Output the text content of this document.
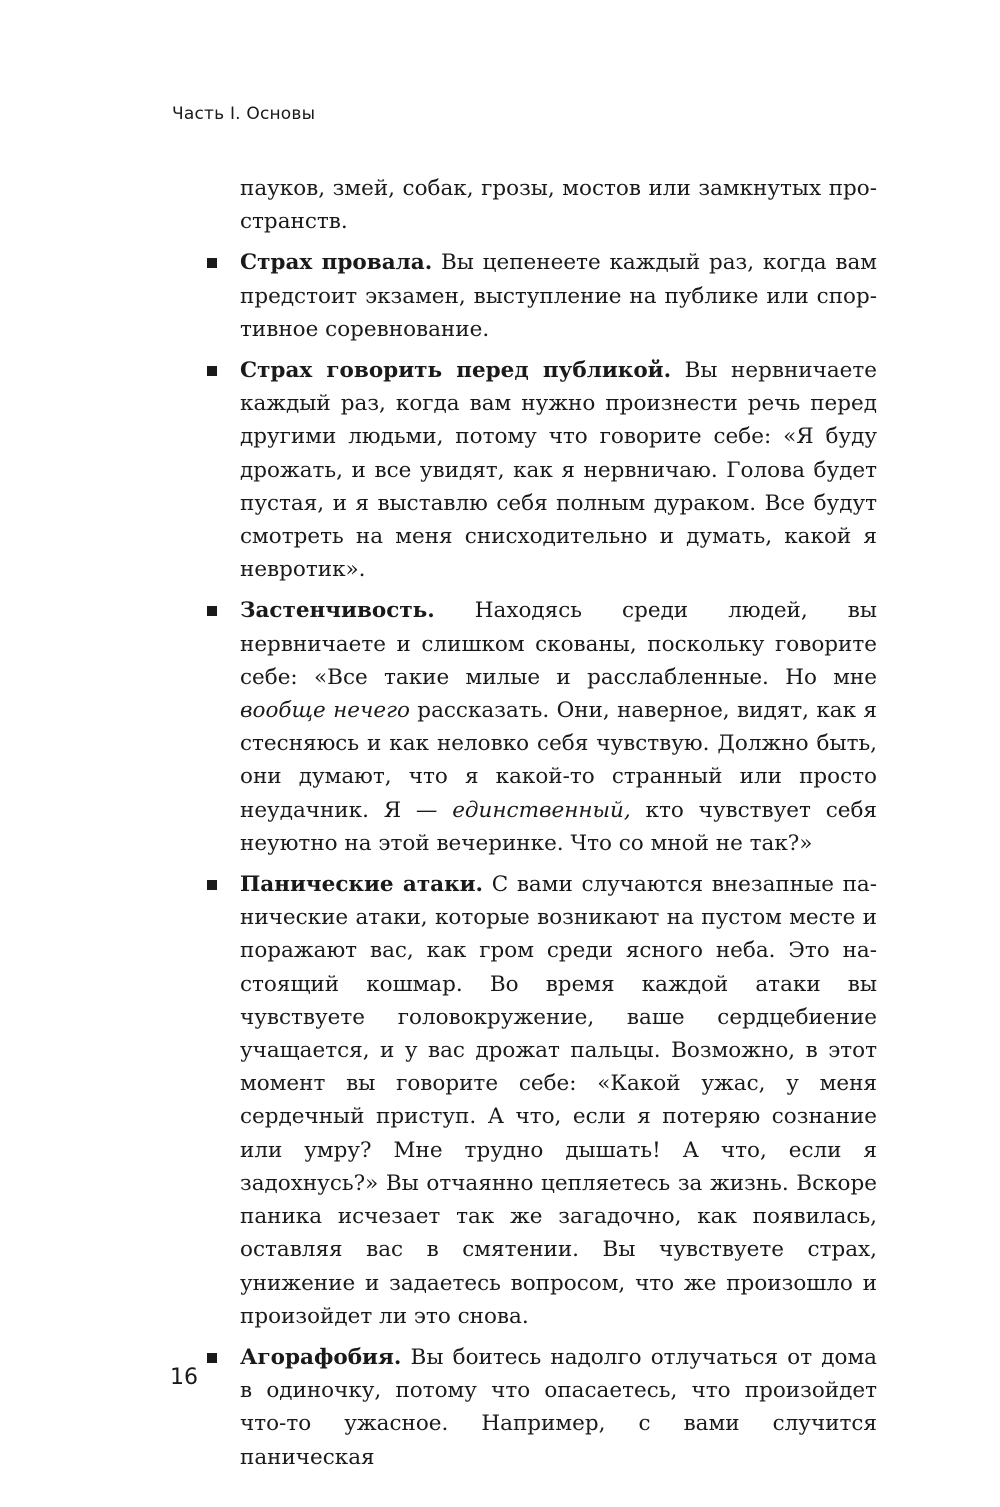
Часть I. Основы

пауков, змей, собак, грозы, мостов или замкнутых пространств.

Страх провала. Вы цепенеете каждый раз, когда вам предстоит экзамен, выступление на публике или спортивное соревнование.
Страх говорить перед публикой. Вы нервничаете каждый раз, когда вам нужно произнести речь перед другими людьми, потому что говорите себе: «Я буду дрожать, и все увидят, как я нервничаю. Голова будет пустая, и я выставлю себя полным дураком. Все будут смотреть на меня снисходительно и думать, какой я невротик».
Застенчивость. Находясь среди людей, вы нервничаете и слишком скованы, поскольку говорите себе: «Все такие милые и расслабленные. Но мне вообще нечего рассказать. Они, наверное, видят, как я стесняюсь и как неловко себя чувствую. Должно быть, они думают, что я какой-то странный или просто неудачник. Я — единственный, кто чувствует себя неуютно на этой вечеринке. Что со мной не так?»
Панические атаки. С вами случаются внезапные панические атаки, которые возникают на пустом месте и поражают вас, как гром среди ясного неба. Это настоящий кошмар. Во время каждой атаки вы чувствуете головокружение, ваше сердцебиение учащается, и у вас дрожат пальцы. Возможно, в этот момент вы говорите себе: «Какой ужас, у меня сердечный приступ. А что, если я потеряю сознание или умру? Мне трудно дышать! А что, если я задохнусь?» Вы отчаянно цепляетесь за жизнь. Вскоре паника исчезает так же загадочно, как появилась, оставляя вас в смятении. Вы чувствуете страх, унижение и задаетесь вопросом, что же произошло и произойдет ли это снова.
Агорафобия. Вы боитесь надолго отлучаться от дома в одиночку, потому что опасаетесь, что произойдет что-то ужасное. Например, с вами случится паническая
16
